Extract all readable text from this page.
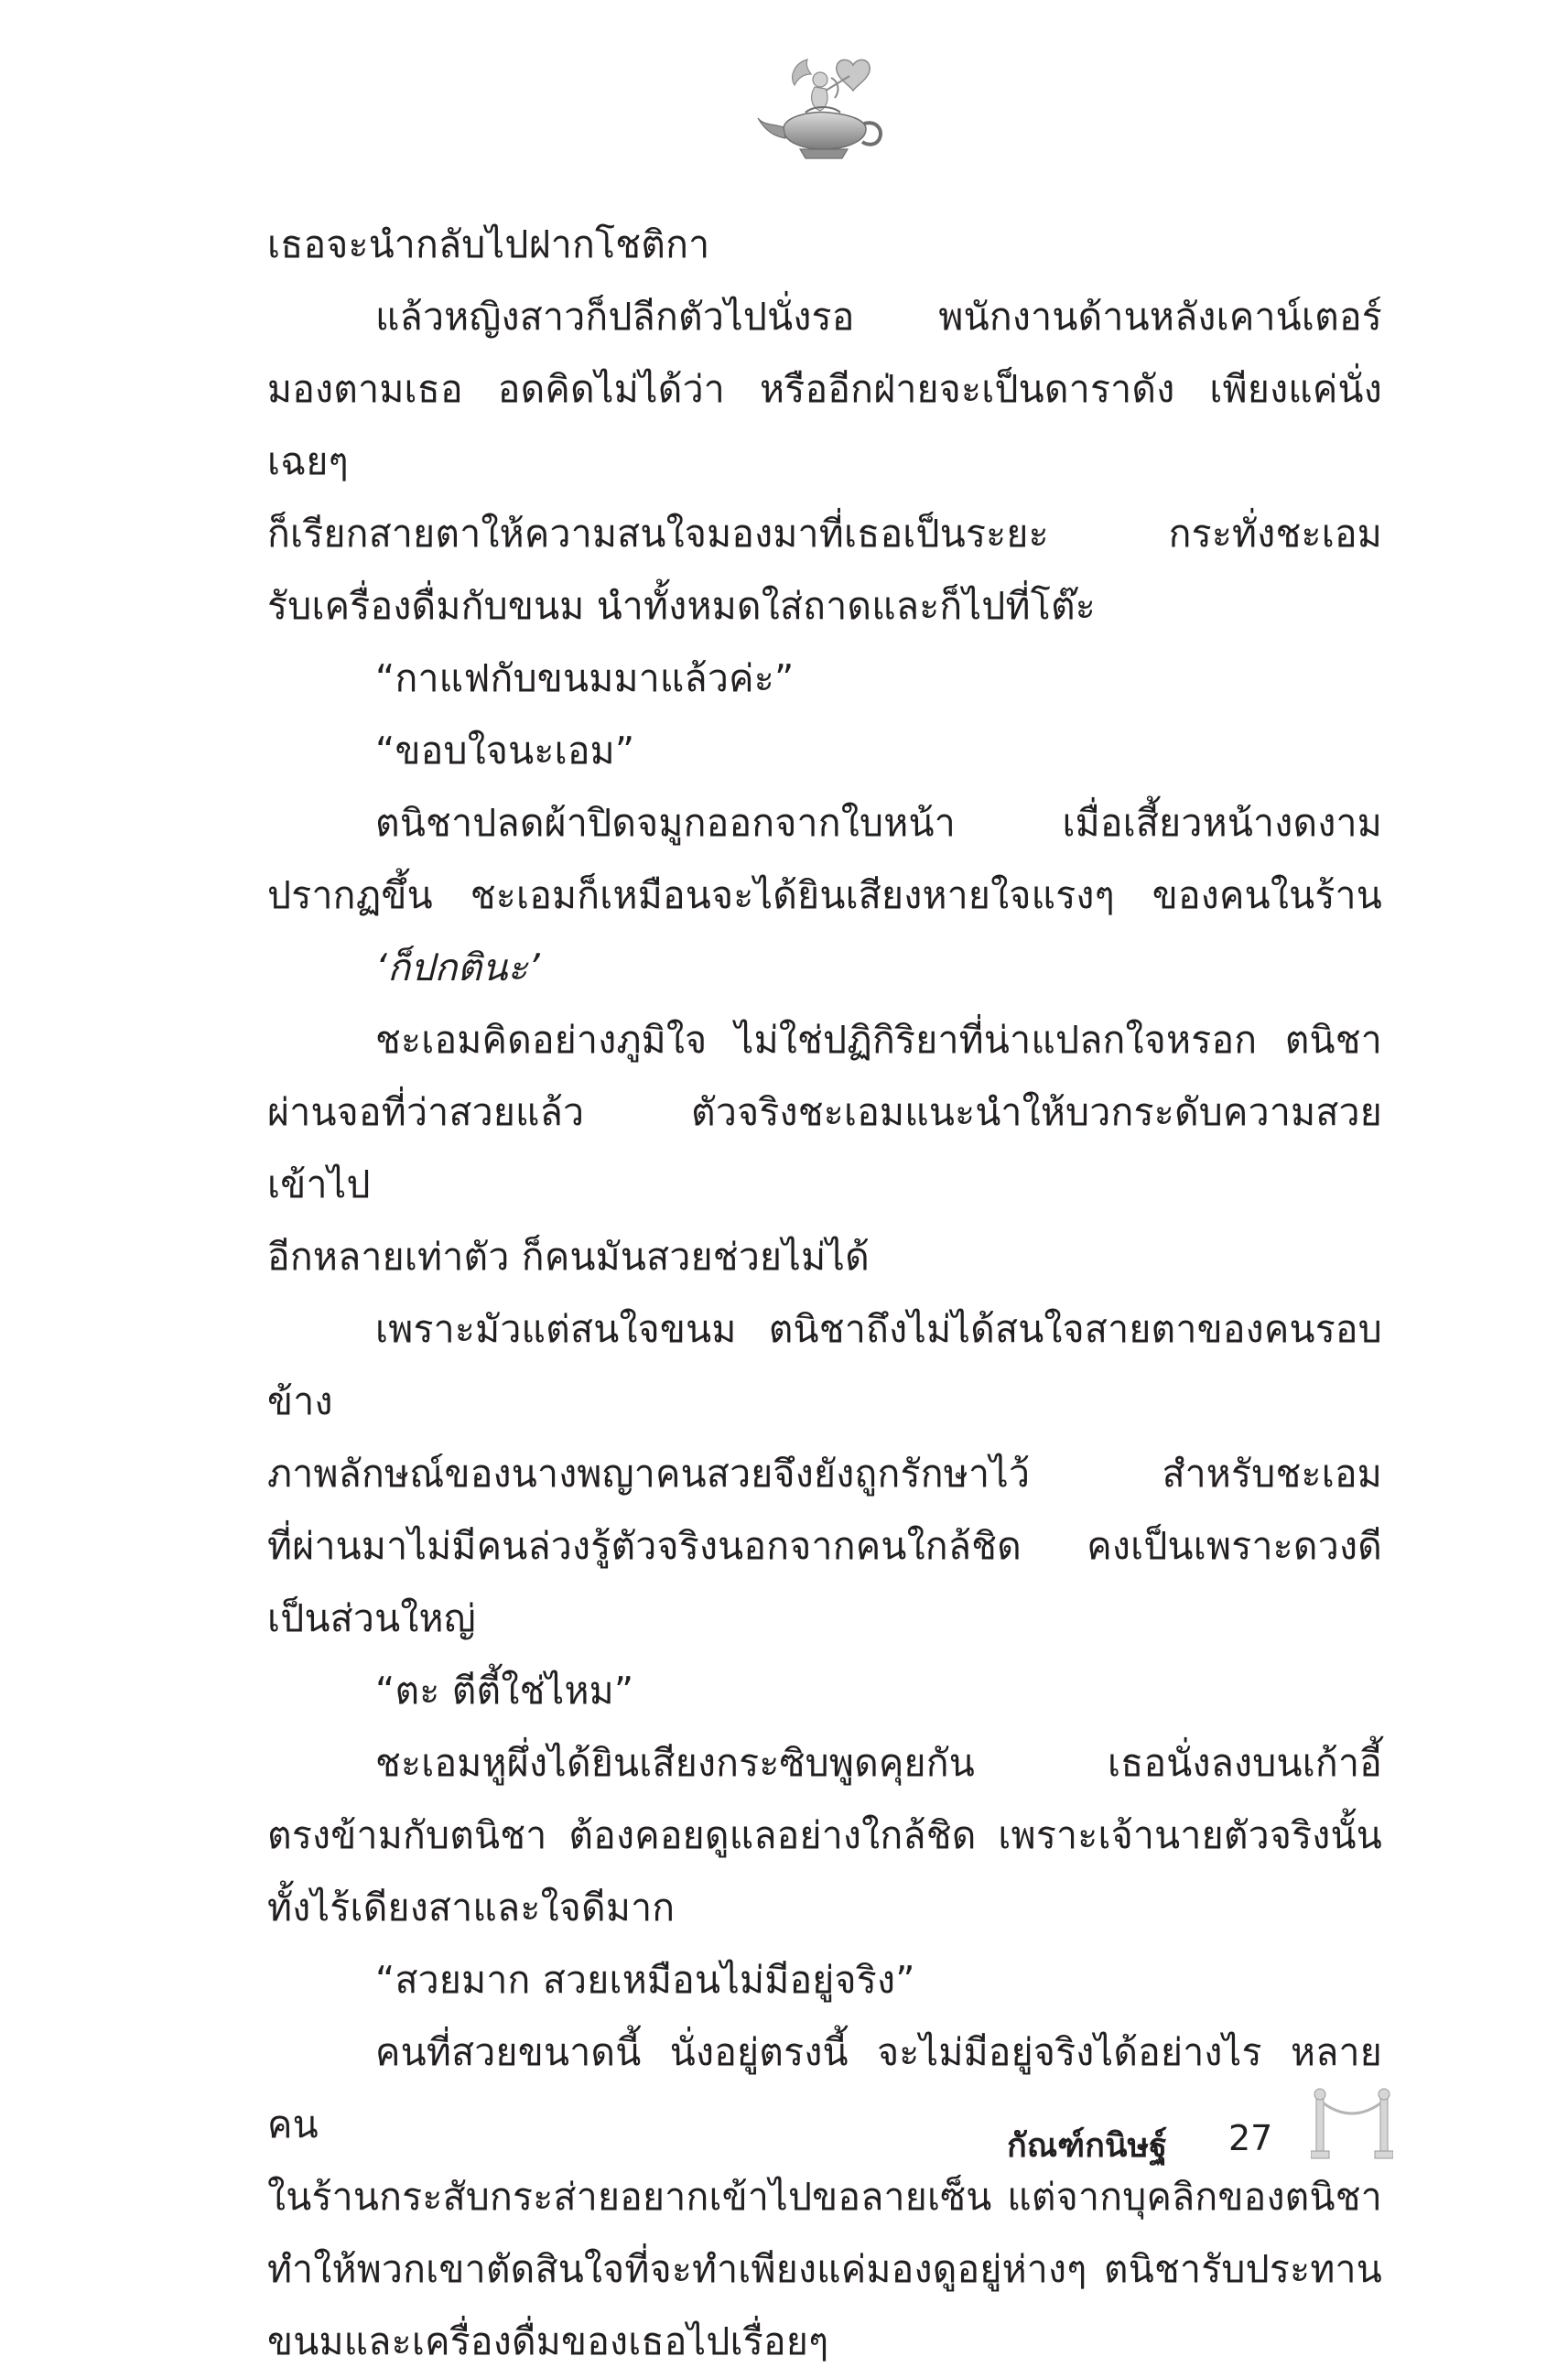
เธอจะนำกลับไปฝากโชติกา

แล้วหญิงสาวก็ปลีกตัวไปนั่งรอ พนักงานด้านหลังเคาน์เตอร์

มองตามเธอ อดคิดไม่ได้ว่า หรืออีกฝ่ายจะเป็นดาราดัง เพียงแค่นั่งเฉยๆ

ก็เรียกสายตาให้ความสนใจมองมาที่เธอเป็นระยะ กระทั่งชะเอม

รับเครื่องดื่มกับขนม นำทั้งหมดใส่ถาดและก็ไปที่โต๊ะ

“กาแฟกับขนมมาแล้วค่ะ”

“ขอบใจนะเอม”

ตนิชาปลดผ้าปิดจมูกออกจากใบหน้า เมื่อเสี้ยวหน้างดงาม

ปรากฏขึ้น ชะเอมก็เหมือนจะได้ยินเสียงหายใจแรงๆ ของคนในร้าน

‘ก็ปกตินะ’

ชะเอมคิดอย่างภูมิใจ ไม่ใช่ปฏิกิริยาที่น่าแปลกใจหรอก ตนิชา

ผ่านจอที่ว่าสวยแล้ว ตัวจริงชะเอมแนะนำให้บวกระดับความสวยเข้าไป

อีกหลายเท่าตัว ก็คนมันสวยช่วยไม่ได้

เพราะมัวแต่สนใจขนม ตนิชาถึงไม่ได้สนใจสายตาของคนรอบข้าง

ภาพลักษณ์ของนางพญาคนสวยจึงยังถูกรักษาไว้ สำหรับชะเอม

ที่ผ่านมาไม่มีคนล่วงรู้ตัวจริงนอกจากคนใกล้ชิด คงเป็นเพราะดวงดี

เป็นส่วนใหญ่

“ตะ ตีตี้ใช่ไหม”

ชะเอมหูผึ่งได้ยินเสียงกระซิบพูดคุยกัน เธอนั่งลงบนเก้าอี้

ตรงข้ามกับตนิชา ต้องคอยดูแลอย่างใกล้ชิด เพราะเจ้านายตัวจริงนั้น

ทั้งไร้เดียงสาและใจดีมาก

“สวยมาก สวยเหมือนไม่มีอยู่จริง”

คนที่สวยขนาดนี้ นั่งอยู่ตรงนี้ จะไม่มีอยู่จริงได้อย่างไร หลายคน

ในร้านกระสับกระส่ายอยากเข้าไปขอลายเซ็น แต่จากบุคลิกของตนิชา

ทำให้พวกเขาตัดสินใจที่จะทำเพียงแค่มองดูอยู่ห่างๆ ตนิชารับประทาน

ขนมและเครื่องดื่มของเธอไปเรื่อยๆ

กัณฑ์กนิษฐ์ 27
